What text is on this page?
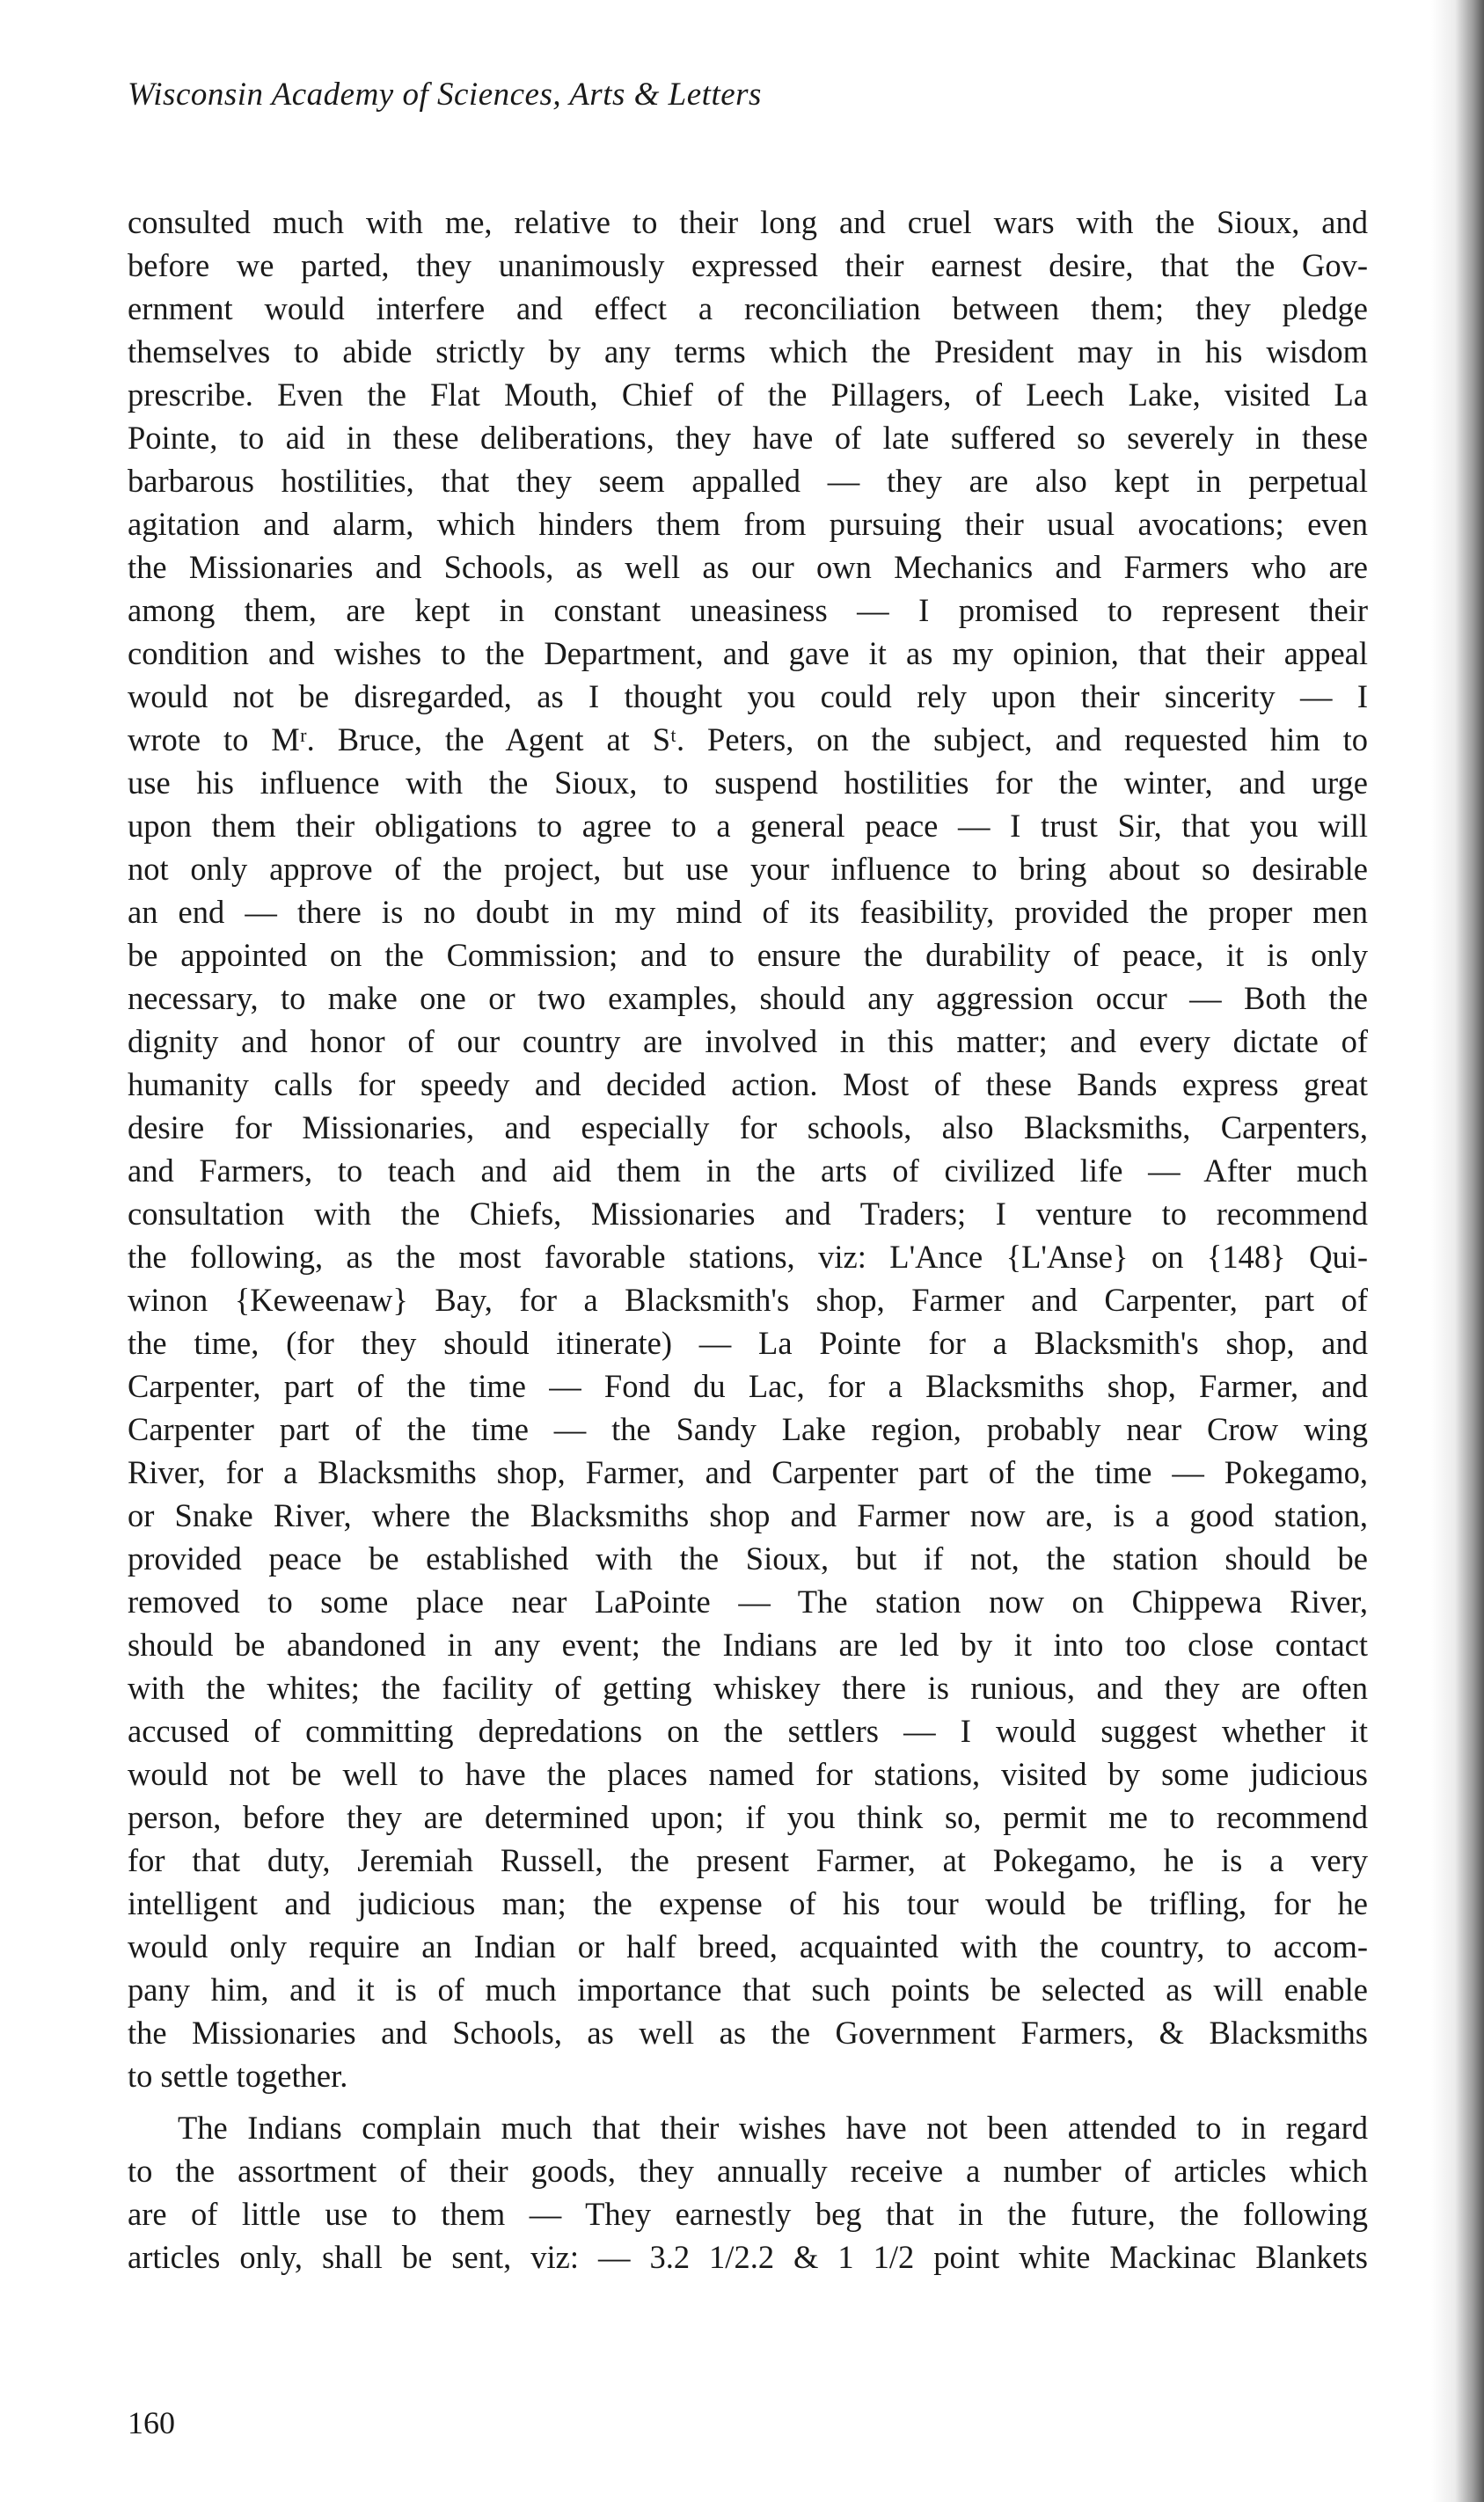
Wisconsin Academy of Sciences, Arts & Letters
consulted much with me, relative to their long and cruel wars with the Sioux, and
before we parted, they unanimously expressed their earnest desire, that the Gov-
ernment would interfere and effect a reconciliation between them; they pledge
themselves to abide strictly by any terms which the President may in his wisdom
prescribe. Even the Flat Mouth, Chief of the Pillagers, of Leech Lake, visited La
Pointe, to aid in these deliberations, they have of late suffered so severely in these
barbarous hostilities, that they seem appalled — they are also kept in perpetual
agitation and alarm, which hinders them from pursuing their usual avocations; even
the Missionaries and Schools, as well as our own Mechanics and Farmers who are
among them, are kept in constant uneasiness — I promised to represent their
condition and wishes to the Department, and gave it as my opinion, that their appeal
would not be disregarded, as I thought you could rely upon their sincerity — I
wrote to Mʳ. Bruce, the Agent at Sᵗ. Peters, on the subject, and requested him to
use his influence with the Sioux, to suspend hostilities for the winter, and urge
upon them their obligations to agree to a general peace — I trust Sir, that you will
not only approve of the project, but use your influence to bring about so desirable
an end — there is no doubt in my mind of its feasibility, provided the proper men
be appointed on the Commission; and to ensure the durability of peace, it is only
necessary, to make one or two examples, should any aggression occur — Both the
dignity and honor of our country are involved in this matter; and every dictate of
humanity calls for speedy and decided action. Most of these Bands express great
desire for Missionaries, and especially for schools, also Blacksmiths, Carpenters,
and Farmers, to teach and aid them in the arts of civilized life — After much
consultation with the Chiefs, Missionaries and Traders; I venture to recommend
the following, as the most favorable stations, viz: L'Ance {L'Anse} on {148} Qui-
winon {Keweenaw} Bay, for a Blacksmith's shop, Farmer and Carpenter, part of
the time, (for they should itinerate) — La Pointe for a Blacksmith's shop, and
Carpenter, part of the time — Fond du Lac, for a Blacksmiths shop, Farmer, and
Carpenter part of the time — the Sandy Lake region, probably near Crow wing
River, for a Blacksmiths shop, Farmer, and Carpenter part of the time — Pokegamo,
or Snake River, where the Blacksmiths shop and Farmer now are, is a good station,
provided peace be established with the Sioux, but if not, the station should be
removed to some place near LaPointe — The station now on Chippewa River,
should be abandoned in any event; the Indians are led by it into too close contact
with the whites; the facility of getting whiskey there is runious, and they are often
accused of committing depredations on the settlers — I would suggest whether it
would not be well to have the places named for stations, visited by some judicious
person, before they are determined upon; if you think so, permit me to recommend
for that duty, Jeremiah Russell, the present Farmer, at Pokegamo, he is a very
intelligent and judicious man; the expense of his tour would be trifling, for he
would only require an Indian or half breed, acquainted with the country, to accom-
pany him, and it is of much importance that such points be selected as will enable
the Missionaries and Schools, as well as the Government Farmers, & Blacksmiths
to settle together.
The Indians complain much that their wishes have not been attended to in regard
to the assortment of their goods, they annually receive a number of articles which
are of little use to them — They earnestly beg that in the future, the following
articles only, shall be sent, viz: — 3.2 1/2.2 & 1 1/2 point white Mackinac Blankets
160
